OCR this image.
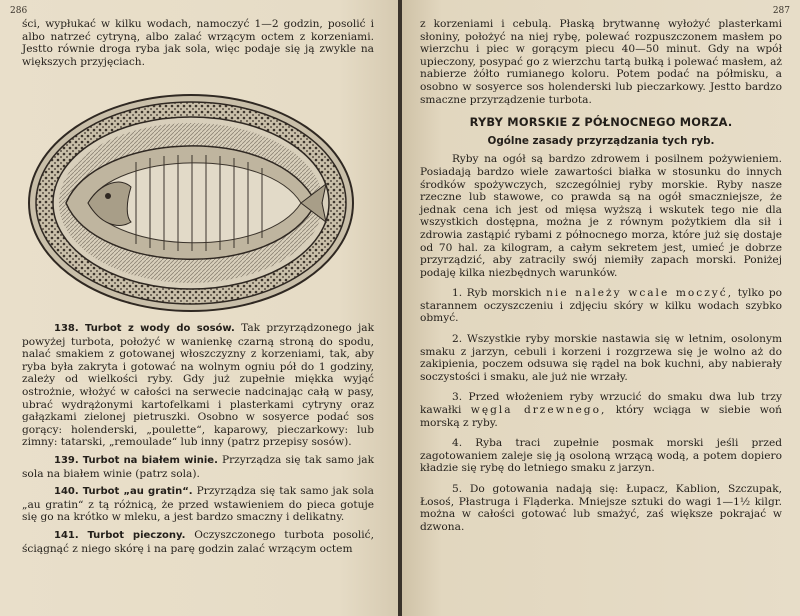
286

ści, wypłukać w kilku wodach, namoczyć 1—2 godzin, posolić i albo natrzeć cytryną, albo zalać wrzącym octem z korzeniami. Jestto równie droga ryba jak sola, więc podaje się ją zwykle na większych przyjęciach.

138. Turbot z wody do sosów. Tak przyrządzonego jak powyżej turbota, położyć w wanienkę czarną stroną do spodu, nalać smakiem z gotowanej włoszczyzny z korzeniami, tak, aby ryba była zakryta i gotować na wolnym ogniu pół do 1 godziny, zależy od wielkości ryby. Gdy już zupełnie miękka wyjąć ostrożnie, włożyć w całości na serwecie nadcinając całą w pasy, ubrać wydrążonymi kartofelkami i plasterkami cytryny oraz gałązkami zielonej pietruszki. Osobno w sosyerce podać sos gorący: holenderski, „poulette“, kaparowy, pieczarkowy: lub zimny: tatarski, „remoulade“ lub inny (patrz przepisy sosów).

139. Turbot na białem winie. Przyrządza się tak samo jak sola na białem winie (patrz sola).

140. Turbot „au gratin“. Przyrządza się tak samo jak sola „au gratin“ z tą różnicą, że przed wstawieniem do pieca gotuje się go na krótko w mleku, a jest bardzo smaczny i delikatny.

141. Turbot pieczony. Oczyszczonego turbota posolić, ściągnąć z niego skórę i na parę godzin zalać wrzącym octem

287

z korzeniami i cebulą. Płaską brytwannę wyłożyć plasterkami słoniny, położyć na niej rybę, polewać rozpuszczonem masłem po wierzchu i piec w gorącym piecu 40—50 minut. Gdy na wpół upieczony, posypać go z wierzchu tartą bułką i polewać masłem, aż nabierze żółto rumianego koloru. Potem podać na półmisku, a osobno w sosyerce sos holenderski lub pieczarkowy. Jestto bardzo smaczne przyrządzenie turbota.

RYBY MORSKIE Z PÓŁNOCNEGO MORZA.

Ogólne zasady przyrządzania tych ryb.

Ryby na ogół są bardzo zdrowem i posilnem pożywieniem. Posiadają bardzo wiele zawartości białka w stosunku do innych środków spożywczych, szczególniej ryby morskie. Ryby nasze rzeczne lub stawowe, co prawda są na ogół smaczniejsze, że jednak cena ich jest od mięsa wyższą i wskutek tego nie dla wszystkich dostępna, można je z równym pożytkiem dla sił i zdrowia zastąpić rybami z północnego morza, które już się dostaje od 70 hal. za kilogram, a całym sekretem jest, umieć je dobrze przyrządzić, aby zatracily swój niemiły zapach morski. Poniżej podaję kilka niezbędnych warunków.

1. Ryb morskich nie należy wcale moczyć, tylko po starannem oczyszczeniu i zdjęciu skóry w kilku wodach szybko obmyć.

2. Wszystkie ryby morskie nastawia się w letnim, osolonym smaku z jarzyn, cebuli i korzeni i rozgrzewa się je wolno aż do zakipienia, poczem odsuwa się rądel na bok kuchni, aby nabierały soczystości i smaku, ale już nie wrzały.

3. Przed włożeniem ryby wrzucić do smaku dwa lub trzy kawałki węgla drzewnego, który wciąga w siebie woń morską z ryby.

4. Ryba traci zupełnie posmak morski jeśli przed zagotowaniem zaleje się ją osoloną wrzącą wodą, a potem dopiero kładzie się rybę do letniego smaku z jarzyn.

5. Do gotowania nadają się: Łupacz, Kablion, Szczupak, Łosoś, Płastruga i Fląderka. Mniejsze sztuki do wagi 1—1½ kilgr. można w całości gotować lub smażyć, zaś większe pokrajać w dzwona.
